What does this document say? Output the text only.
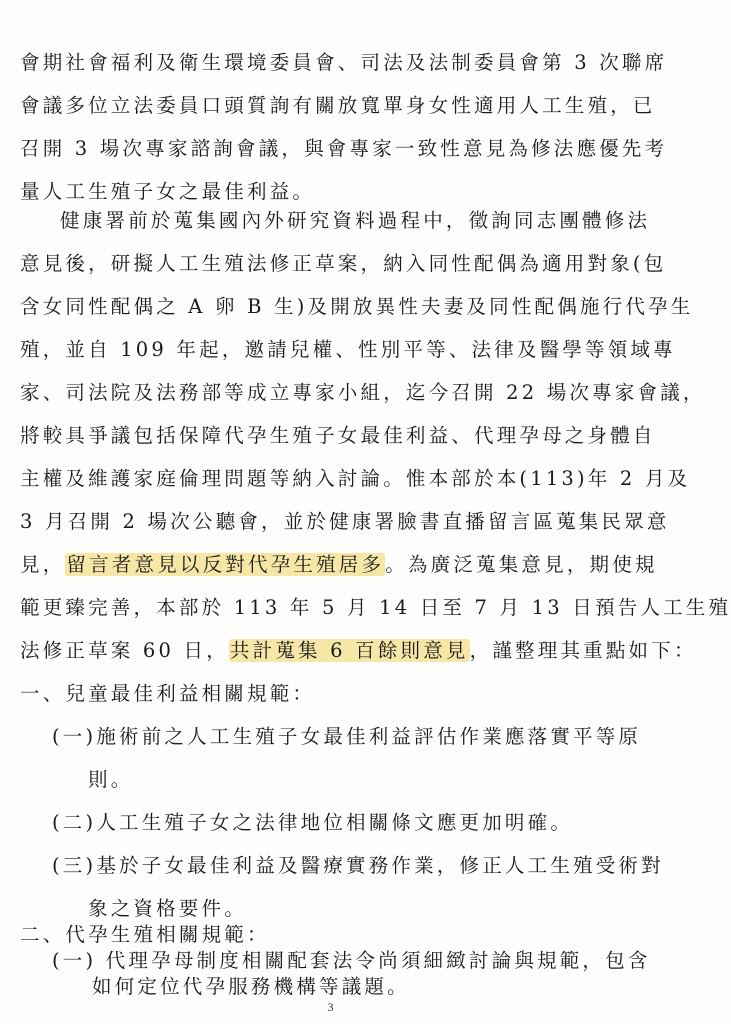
會期社會福利及衛生環境委員會、司法及法制委員會第 3 次聯席
會議多位立法委員口頭質詢有關放寬單身女性適用人工生殖，已
召開 3 場次專家諮詢會議，與會專家一致性意見為修法應優先考
量人工生殖子女之最佳利益。
健康署前於蒐集國內外研究資料過程中，徵詢同志團體修法
意見後，研擬人工生殖法修正草案，納入同性配偶為適用對象(包
含女同性配偶之 A 卵 B 生)及開放異性夫妻及同性配偶施行代孕生
殖，並自 109 年起，邀請兒權、性別平等、法律及醫學等領域專
家、司法院及法務部等成立專家小組，迄今召開 22 場次專家會議，
將較具爭議包括保障代孕生殖子女最佳利益、代理孕母之身體自
主權及維護家庭倫理問題等納入討論。惟本部於本(113)年 2 月及
3 月召開 2 場次公聽會，並於健康署臉書直播留言區蒐集民眾意
見，留言者意見以反對代孕生殖居多。為廣泛蒐集意見，期使規
範更臻完善，本部於 113 年 5 月 14 日至 7 月 13 日預告人工生殖
法修正草案 60 日，共計蒐集 6 百餘則意見，謹整理其重點如下：
一、兒童最佳利益相關規範：
(一)施術前之人工生殖子女最佳利益評估作業應落實平等原
則。
(二)人工生殖子女之法律地位相關條文應更加明確。
(三)基於子女最佳利益及醫療實務作業，修正人工生殖受術對
象之資格要件。
二、代孕生殖相關規範：
(一) 代理孕母制度相關配套法令尚須細緻討論與規範，包含
如何定位代孕服務機構等議題。
3
